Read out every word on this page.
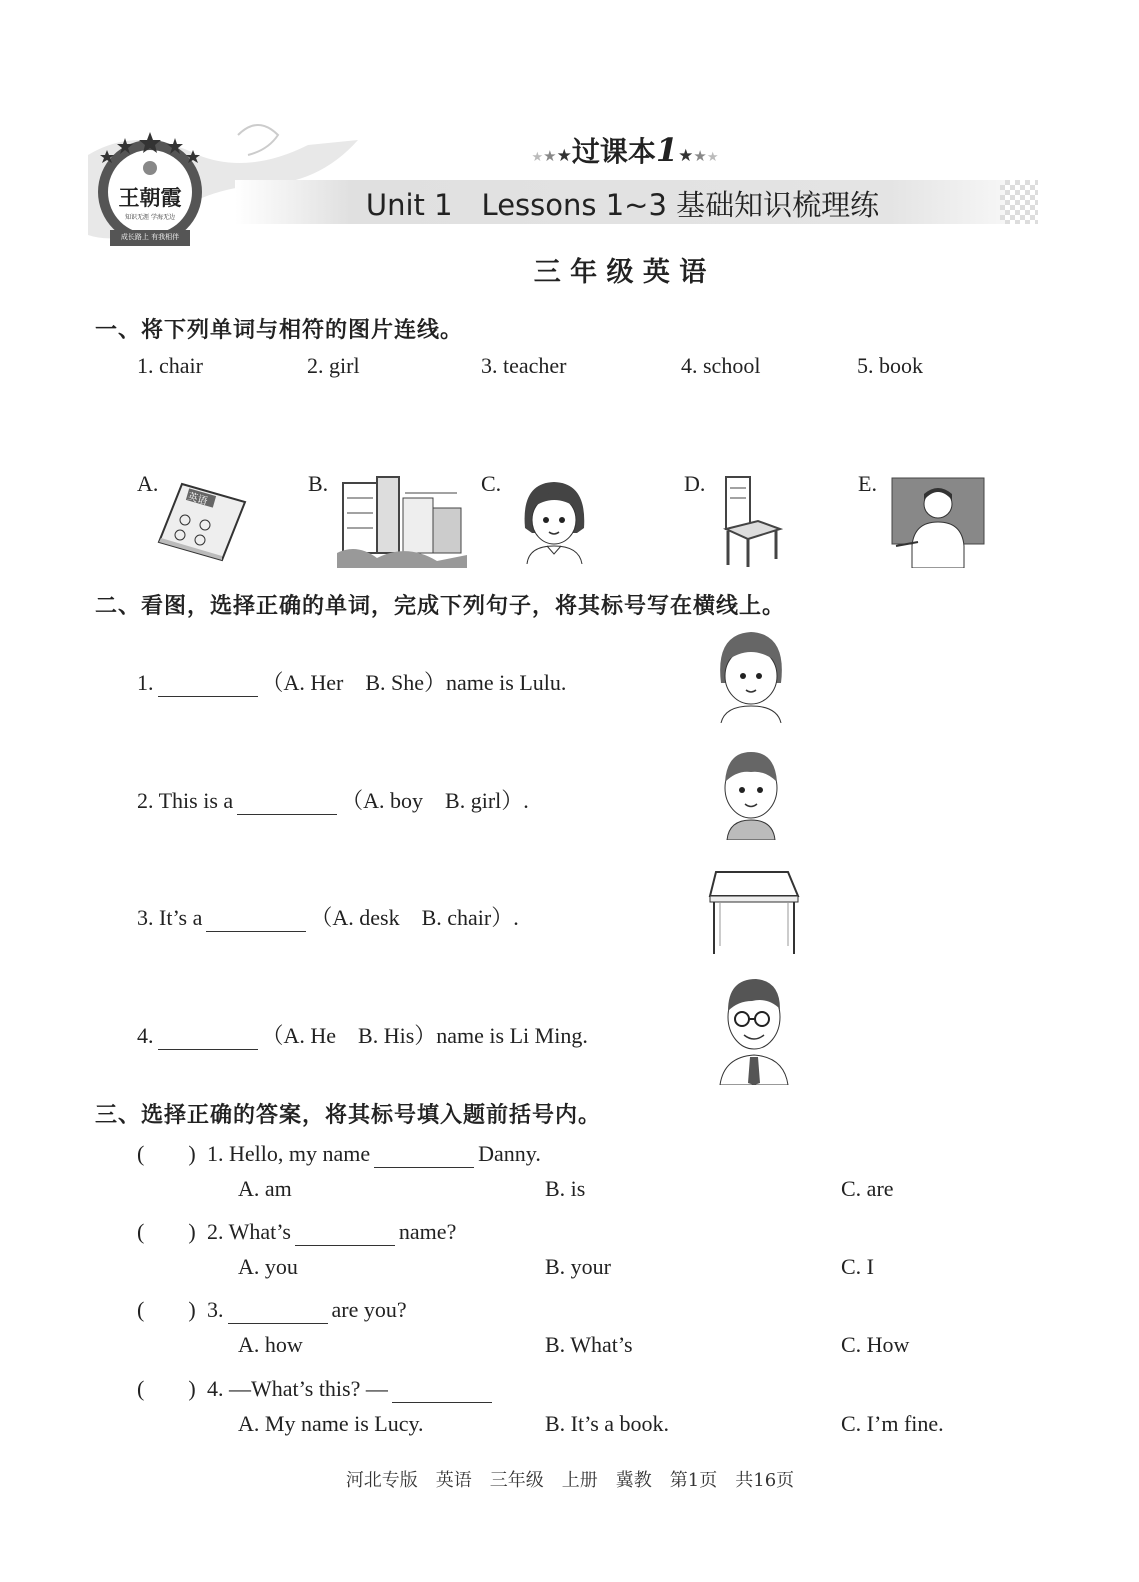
王朝霞
知识无涯 学海无边
成长路上 有我相伴
★★★过课本1★★★
Unit 1　Lessons 1~3 基础知识梳理练
三 年 级 英 语
一、将下列单词与相符的图片连线。
1. chair	2. girl	3. teacher	4. school	5. book
A.	B.	C.	D.	E.
英语
二、看图，选择正确的单词，完成下列句子，将其标号写在横线上。
1.	（A. Her　B. She）name is Lulu.
2. This is a	（A. boy　B. girl）.
3. It’s a	（A. desk　B. chair）.
4.	（A. He　B. His）name is Li Ming.
三、选择正确的答案，将其标号填入题前括号内。
(　　) 1. Hello, my name	Danny.
A. am	B. is	C. are
(　　) 2. What’s	name?
A. you	B. your	C. I
(　　) 3.	are you?
A. how	B. What’s	C. How
(　　) 4. —What’s this? —
A. My name is Lucy.	B. It’s a book.	C. I’m fine.
河北专版　英语　三年级　上册　冀教　第1页　共16页
